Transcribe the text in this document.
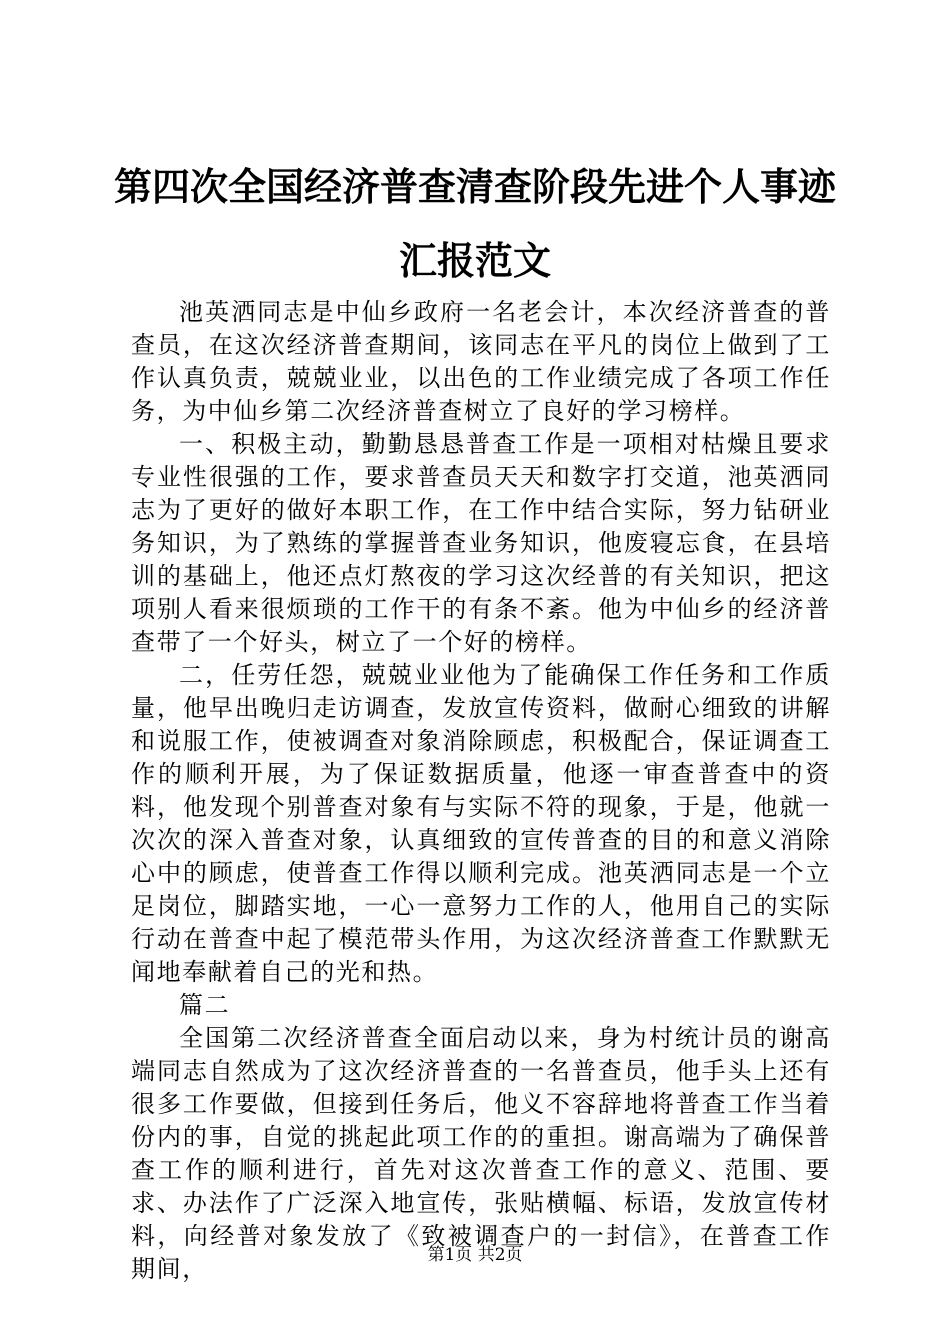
第四次全国经济普查清查阶段先进个人事迹汇报范文

池英洒同志是中仙乡政府一名老会计，本次经济普查的普查员，在这次经济普查期间，该同志在平凡的岗位上做到了工作认真负责，兢兢业业，以出色的工作业绩完成了各项工作任务，为中仙乡第二次经济普查树立了良好的学习榜样。

一、积极主动，勤勤恳恳普查工作是一项相对枯燥且要求专业性很强的工作，要求普查员天天和数字打交道，池英洒同志为了更好的做好本职工作，在工作中结合实际，努力钻研业务知识，为了熟练的掌握普查业务知识，他废寝忘食，在县培训的基础上，他还点灯熬夜的学习这次经普的有关知识，把这项别人看来很烦琐的工作干的有条不紊。他为中仙乡的经济普查带了一个好头，树立了一个好的榜样。

二，任劳任怨，兢兢业业他为了能确保工作任务和工作质量，他早出晚归走访调查，发放宣传资料，做耐心细致的讲解和说服工作，使被调查对象消除顾虑，积极配合，保证调查工作的顺利开展，为了保证数据质量，他逐一审查普查中的资料，他发现个别普查对象有与实际不符的现象，于是，他就一次次的深入普查对象，认真细致的宣传普查的目的和意义消除心中的顾虑，使普查工作得以顺利完成。池英洒同志是一个立足岗位，脚踏实地，一心一意努力工作的人，他用自己的实际行动在普查中起了模范带头作用，为这次经济普查工作默默无闻地奉献着自己的光和热。

篇二

全国第二次经济普查全面启动以来，身为村统计员的谢高端同志自然成为了这次经济普查的一名普查员，他手头上还有很多工作要做，但接到任务后，他义不容辞地将普查工作当着份内的事，自觉的挑起此项工作的的重担。谢高端为了确保普查工作的顺利进行，首先对这次普查工作的意义、范围、要求、办法作了广泛深入地宣传，张贴横幅、标语，发放宣传材料，向经普对象发放了《致被调查户的一封信》，在普查工作期间，	第1页 共2页
